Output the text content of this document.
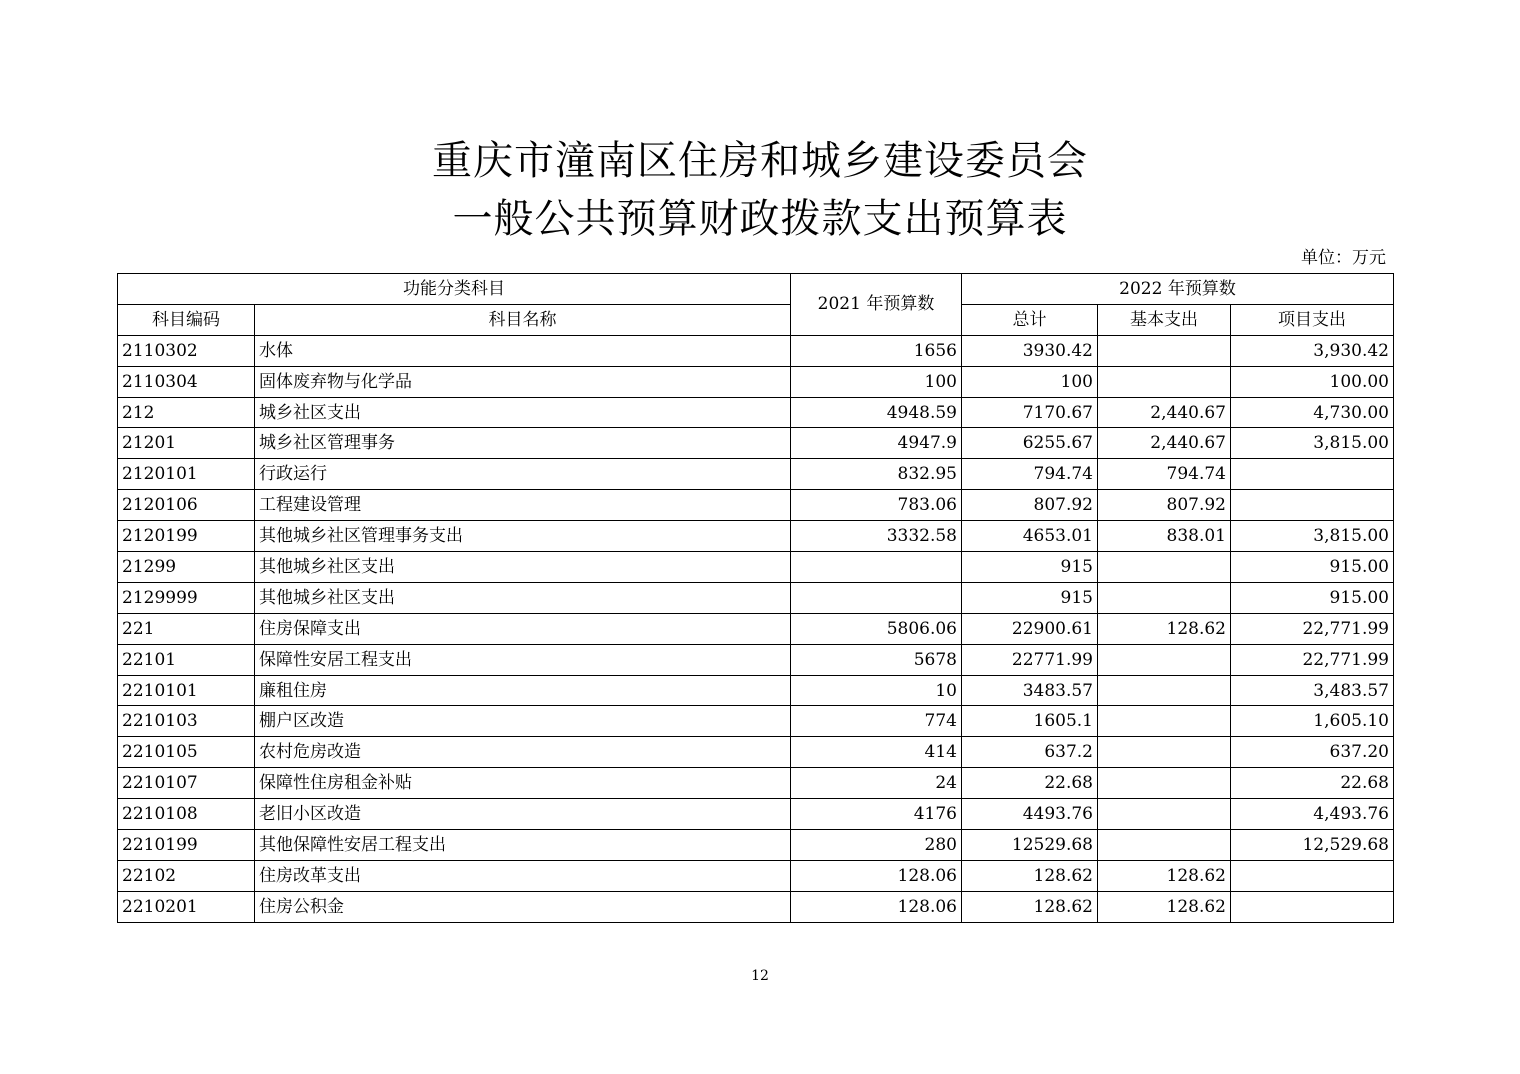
重庆市潼南区住房和城乡建设委员会
一般公共预算财政拨款支出预算表
单位：万元
功能分类科目		2021 年预算数	2022 年预算数		
科目编码	科目名称		总计	基本支出	项目支出
2110302	水体	1656	3930.42		3,930.42
2110304	固体废弃物与化学品	100	100		100.00
212	城乡社区支出	4948.59	7170.67	2,440.67	4,730.00
21201	城乡社区管理事务	4947.9	6255.67	2,440.67	3,815.00
2120101	行政运行	832.95	794.74	794.74	
2120106	工程建设管理	783.06	807.92	807.92	
2120199	其他城乡社区管理事务支出	3332.58	4653.01	838.01	3,815.00
21299	其他城乡社区支出		915		915.00
2129999	其他城乡社区支出		915		915.00
221	住房保障支出	5806.06	22900.61	128.62	22,771.99
22101	保障性安居工程支出	5678	22771.99		22,771.99
2210101	廉租住房	10	3483.57		3,483.57
2210103	棚户区改造	774	1605.1		1,605.10
2210105	农村危房改造	414	637.2		637.20
2210107	保障性住房租金补贴	24	22.68		22.68
2210108	老旧小区改造	4176	4493.76		4,493.76
2210199	其他保障性安居工程支出	280	12529.68		12,529.68
22102	住房改革支出	128.06	128.62	128.62	
2210201	住房公积金	128.06	128.62	128.62	
12
